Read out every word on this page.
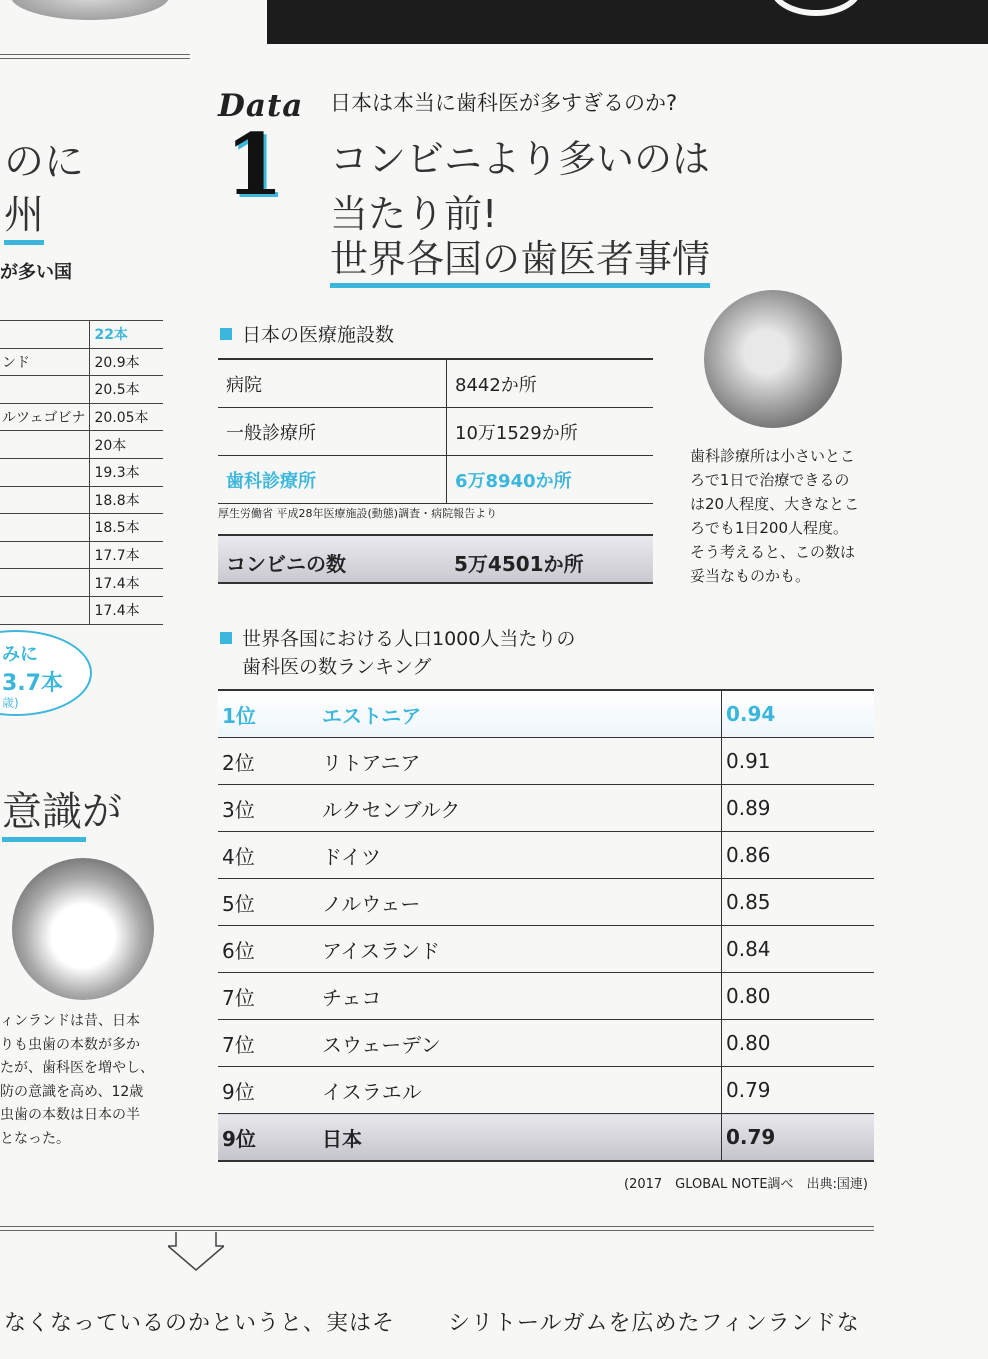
のに
州
が多い国
	22本
ンド	20.9本
	20.5本
ルツェゴビナ	20.05本
	20本
	19.3本
	18.8本
	18.5本
	17.7本
	17.4本
	17.4本
みに
3.7本
歳)
意識が
ィンランドは昔、日本
りも虫歯の本数が多か
たが、歯科医を増やし、
防の意識を高め、12歳
虫歯の本数は日本の半
となった。
Data
1
日本は本当に歯科医が多すぎるのか?
コンビニより多いのは
当たり前!
世界各国の歯医者事情
日本の医療施設数
病院	8442か所
一般診療所	10万1529か所
歯科診療所	6万8940か所
厚生労働省 平成28年医療施設(動態)調査・病院報告より
コンビニの数	5万4501か所
歯科診療所は小さいとこ
ろで1日で治療できるの
は20人程度、大きなとこ
ろでも1日200人程度。
そう考えると、この数は
妥当なものかも。
世界各国における人口1000人当たりの
歯科医の数ランキング
1位	エストニア	0.94
2位	リトアニア	0.91
3位	ルクセンブルク	0.89
4位	ドイツ	0.86
5位	ノルウェー	0.85
6位	アイスランド	0.84
7位	チェコ	0.80
7位	スウェーデン	0.80
9位	イスラエル	0.79
9位	日本	0.79
(2017　GLOBAL NOTE調べ　出典:国連)
なくなっているのかというと、実はそ シリトールガムを広めたフィンランドな
